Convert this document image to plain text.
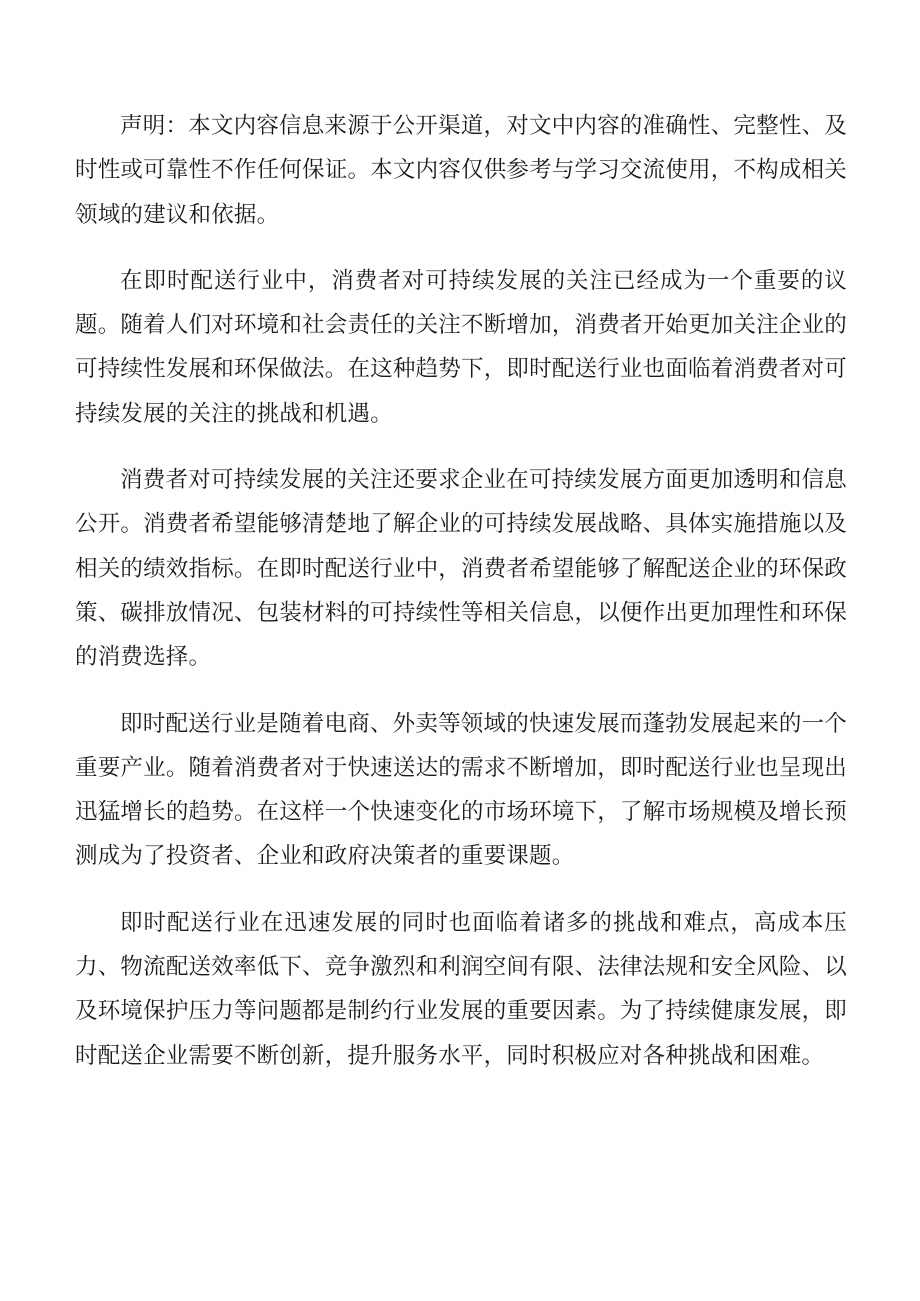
声明：本文内容信息来源于公开渠道，对文中内容的准确性、完整性、及时性或可靠性不作任何保证。本文内容仅供参考与学习交流使用，不构成相关领域的建议和依据。

在即时配送行业中，消费者对可持续发展的关注已经成为一个重要的议题。随着人们对环境和社会责任的关注不断增加，消费者开始更加关注企业的可持续性发展和环保做法。在这种趋势下，即时配送行业也面临着消费者对可持续发展的关注的挑战和机遇。

消费者对可持续发展的关注还要求企业在可持续发展方面更加透明和信息公开。消费者希望能够清楚地了解企业的可持续发展战略、具体实施措施以及相关的绩效指标。在即时配送行业中，消费者希望能够了解配送企业的环保政策、碳排放情况、包装材料的可持续性等相关信息，以便作出更加理性和环保的消费选择。

即时配送行业是随着电商、外卖等领域的快速发展而蓬勃发展起来的一个重要产业。随着消费者对于快速送达的需求不断增加，即时配送行业也呈现出迅猛增长的趋势。在这样一个快速变化的市场环境下，了解市场规模及增长预测成为了投资者、企业和政府决策者的重要课题。

即时配送行业在迅速发展的同时也面临着诸多的挑战和难点，高成本压力、物流配送效率低下、竞争激烈和利润空间有限、法律法规和安全风险、以及环境保护压力等问题都是制约行业发展的重要因素。为了持续健康发展，即时配送企业需要不断创新，提升服务水平，同时积极应对各种挑战和困难。
